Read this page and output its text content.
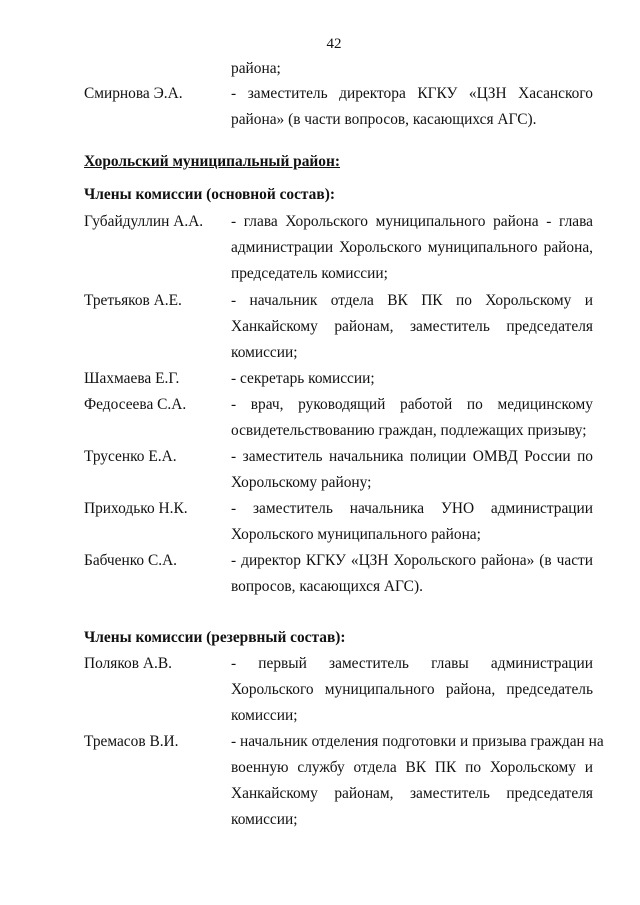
42
района;
Смирнова Э.А.	- заместитель директора КГКУ «ЦЗН Хасанского
района» (в части вопросов, касающихся АГС).
Хорольский муниципальный район:
Члены комиссии (основной состав):
Губайдуллин А.А. - глава Хорольского муниципального района - глава
администрации Хорольского муниципального района,
председатель комиссии;
Третьяков А.Е.	- начальник отдела ВК ПК по Хорольскому и
Ханкайскому районам, заместитель председателя
комиссии;
Шахмаева Е.Г.	- секретарь комиссии;
Федосеева С.А.	- врач, руководящий работой по медицинскому
освидетельствованию граждан, подлежащих призыву;
Трусенко Е.А.	- заместитель начальника полиции ОМВД России по
Хорольскому району;
Приходько Н.К.	- заместитель начальника УНО администрации
Хорольского муниципального района;
Бабченко С.А.	- директор КГКУ «ЦЗН Хорольского района» (в части
вопросов, касающихся АГС).
Члены комиссии (резервный состав):
Поляков А.В.	- первый заместитель главы администрации
Хорольского муниципального района, председатель
комиссии;
Тремасов В.И.	- начальник отделения подготовки и призыва граждан на
военную службу отдела ВК ПК по Хорольскому и
Ханкайскому районам, заместитель председателя
комиссии;
